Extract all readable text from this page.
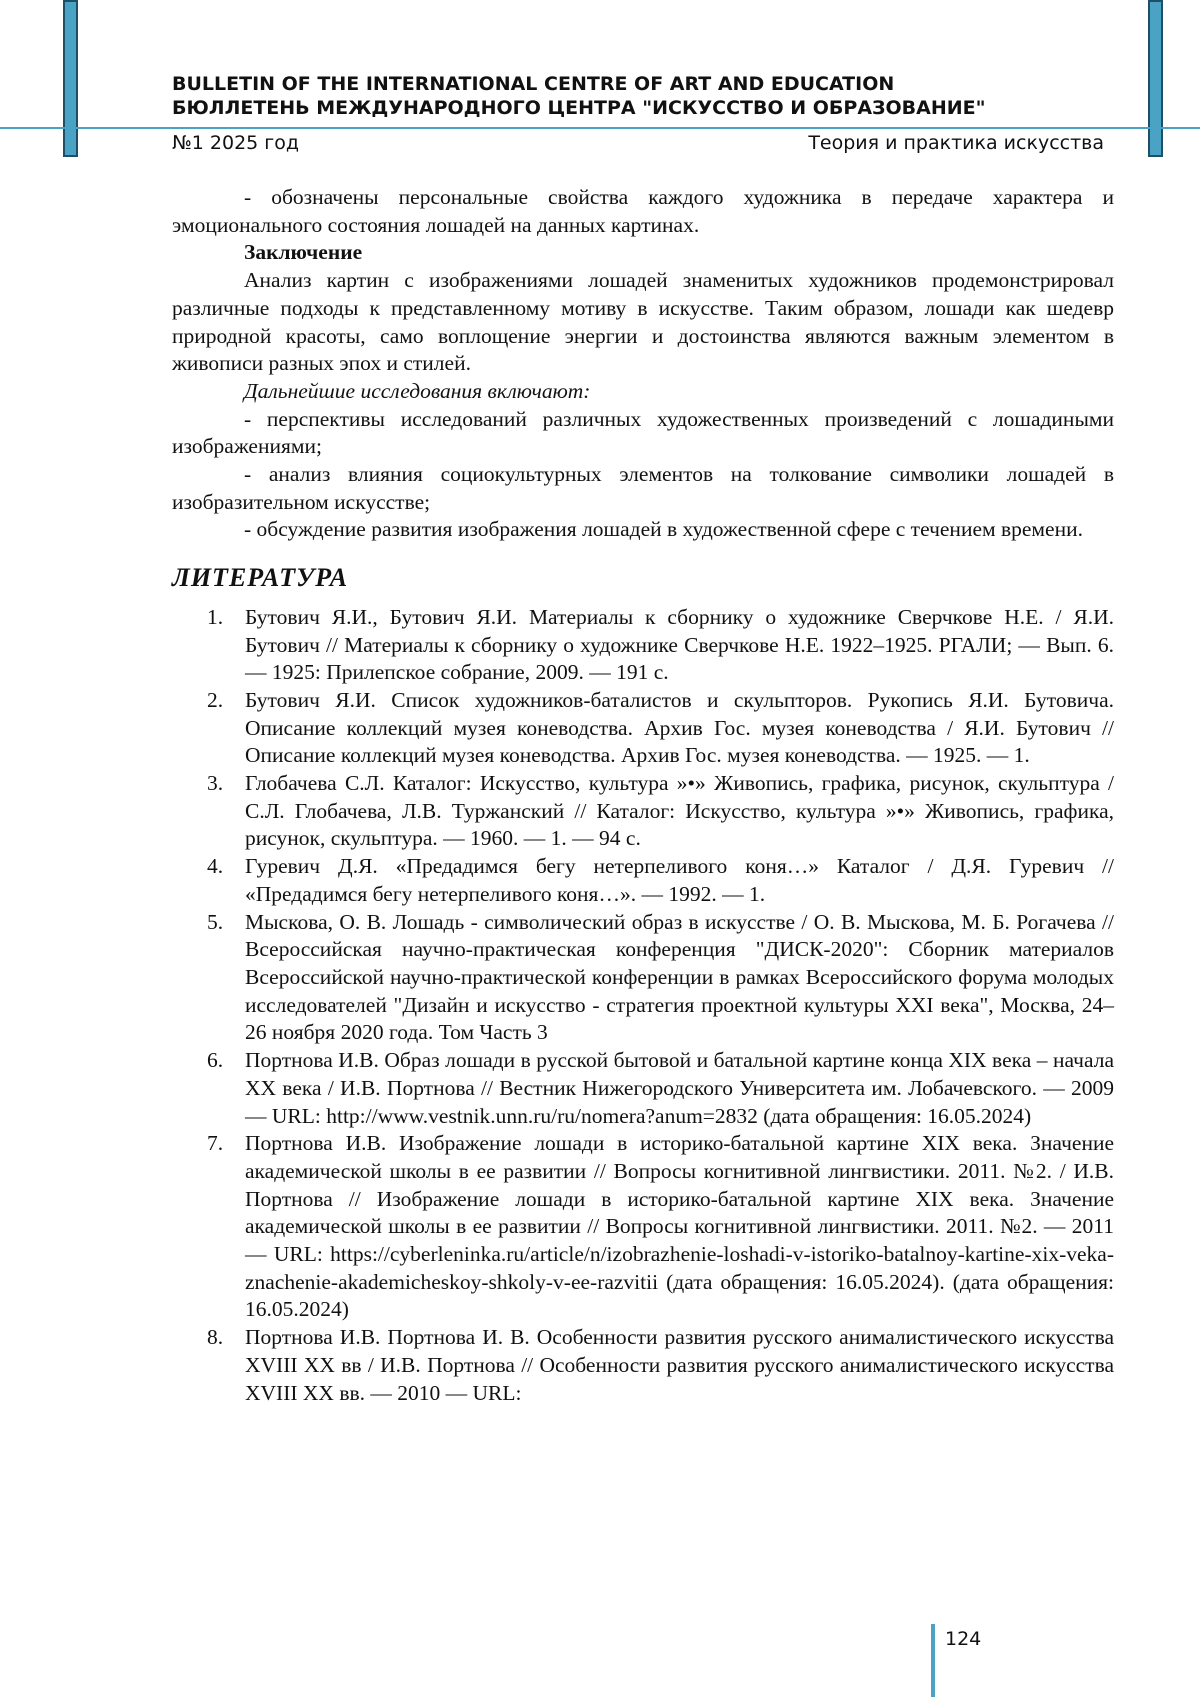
BULLETIN OF THE INTERNATIONAL CENTRE OF ART AND EDUCATION
БЮЛЛЕТЕНЬ МЕЖДУНАРОДНОГО ЦЕНТРА "ИСКУССТВО И ОБРАЗОВАНИЕ"
№1 2025 год	Теория и практика искусства

- обозначены персональные свойства каждого художника в передаче характера и эмоционального состояния лошадей на данных картинах.

Заключение

Анализ картин с изображениями лошадей знаменитых художников продемонстрировал различные подходы к представленному мотиву в искусстве. Таким образом, лошади как шедевр природной красоты, само воплощение энергии и достоинства являются важным элементом в живописи разных эпох и стилей.

Дальнейшие исследования включают:

- перспективы исследований различных художественных произведений с лошадиными изображениями;

- анализ влияния социокультурных элементов на толкование символики лошадей в изобразительном искусстве;

- обсуждение развития изображения лошадей в художественной сфере с течением времени.

ЛИТЕРАТУРА
1. Бутович Я.И., Бутович Я.И. Материалы к сборнику о художнике Сверчкове Н.Е. / Я.И. Бутович // Материалы к сборнику о художнике Сверчкове Н.Е. 1922–1925. РГАЛИ; — Вып. 6. — 1925: Прилепское собрание, 2009. — 191 с.
2. Бутович Я.И. Список художников-баталистов и скульпторов. Рукопись Я.И. Бутовича. Описание коллекций музея коневодства. Архив Гос. музея коневодства / Я.И. Бутович // Описание коллекций музея коневодства. Архив Гос. музея коневодства. — 1925. — 1.
3. Глобачева С.Л. Каталог: Искусство, культура »•» Живопись, графика, рисунок, скульптура / С.Л. Глобачева, Л.В. Туржанский // Каталог: Искусство, культура »•» Живопись, графика, рисунок, скульптура. — 1960. — 1. — 94 с.
4. Гуревич Д.Я. «Предадимся бегу нетерпеливого коня…» Каталог / Д.Я. Гуревич // «Предадимся бегу нетерпеливого коня…». — 1992. — 1.
5. Мыскова, О. В. Лошадь - символический образ в искусстве / О. В. Мыскова, М. Б. Рогачева // Всероссийская научно-практическая конференция "ДИСК-2020": Сборник материалов Всероссийской научно-практической конференции в рамках Всероссийского форума молодых исследователей "Дизайн и искусство - стратегия проектной культуры XXI века", Москва, 24–26 ноября 2020 года. Том Часть 3
6. Портнова И.В. Образ лошади в русской бытовой и батальной картине конца XIX века – начала XX века / И.В. Портнова // Вестник Нижегородского Университета им. Лобачевского. — 2009 — URL: http://www.vestnik.unn.ru/ru/nomera?anum=2832 (дата обращения: 16.05.2024)
7. Портнова И.В. Изображение лошади в историко-батальной картине XIX века. Значение академической школы в ее развитии // Вопросы когнитивной лингвистики. 2011. №2. / И.В. Портнова // Изображение лошади в историко-батальной картине XIX века. Значение академической школы в ее развитии // Вопросы когнитивной лингвистики. 2011. №2. — 2011 — URL: https://cyberleninka.ru/article/n/izobrazhenie-loshadi-v-istoriko-batalnoy-kartine-xix-veka-znachenie-akademicheskoy-shkoly-v-ee-razvitii (дата обращения: 16.05.2024). (дата обращения: 16.05.2024)
8. Портнова И.В. Портнова И. В. Особенности развития русского анималистического искусства XVIII XX вв / И.В. Портнова // Особенности развития русского анималистического искусства XVIII XX вв. — 2010 — URL:
124
